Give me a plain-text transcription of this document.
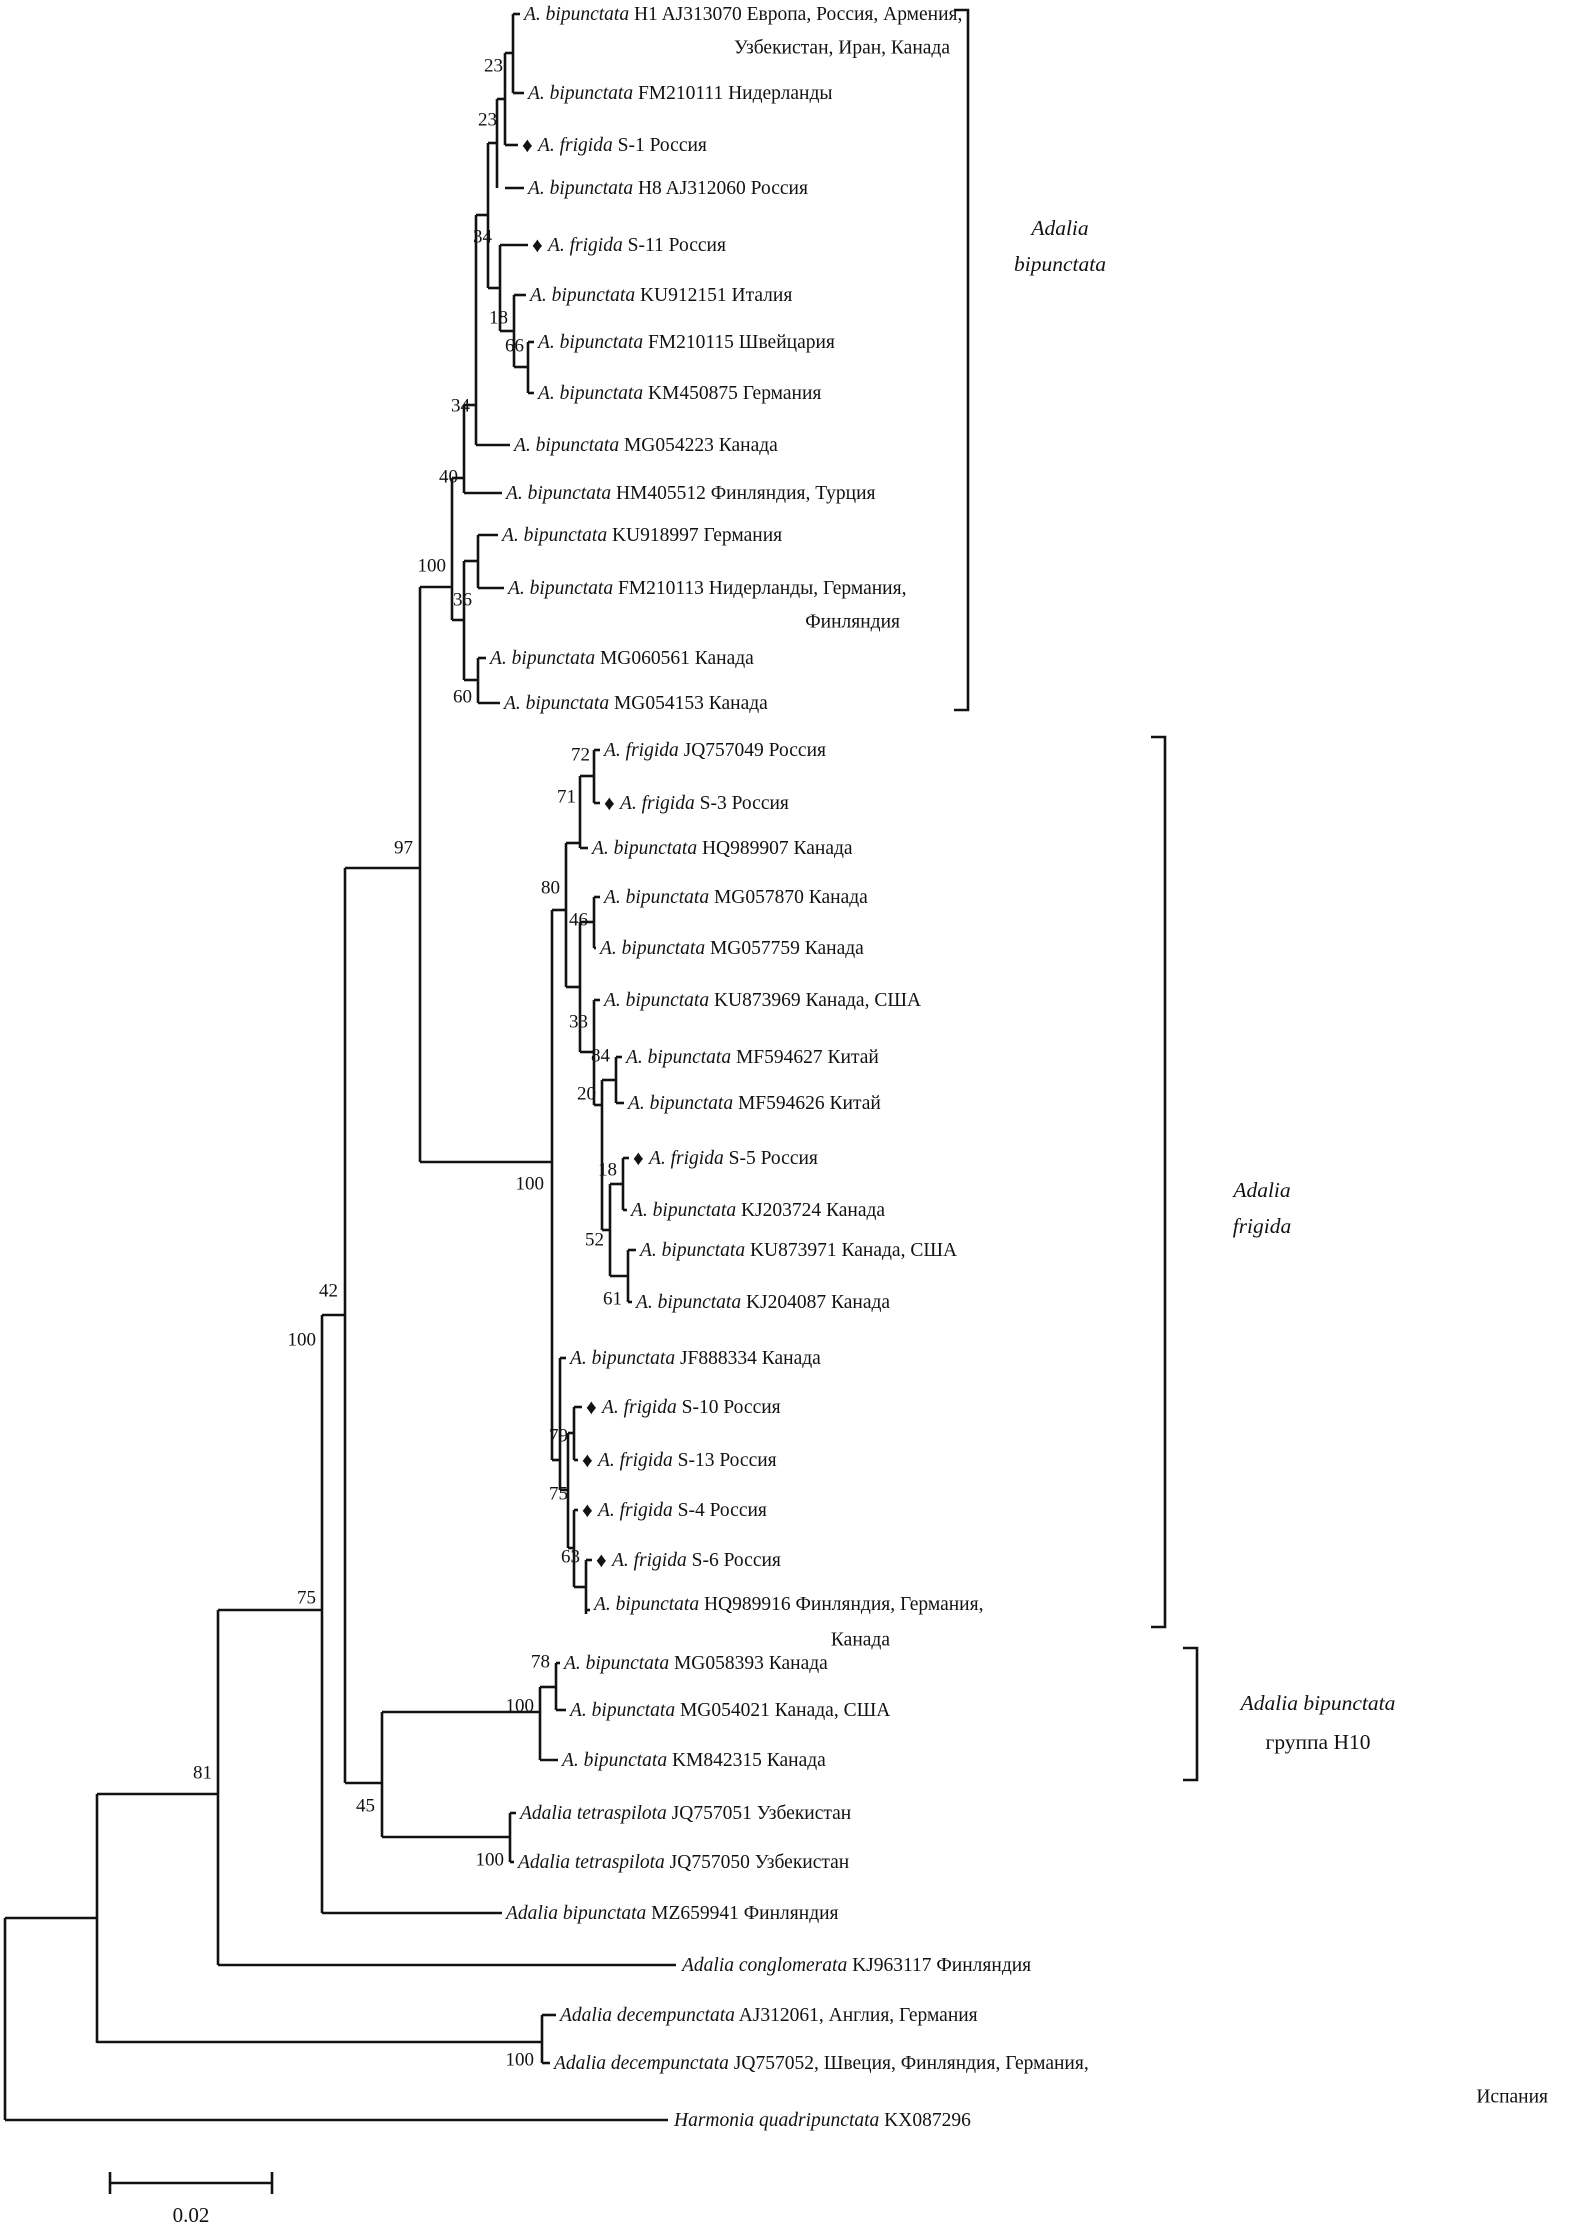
A. bipunctata H1 AJ313070 Европа, Россия, Армения,
Узбекистан, Иран, Канада
A. bipunctata FM210111 Нидерланды
♦ A. frigida S-1 Россия
A. bipunctata H8 AJ312060 Россия
♦ A. frigida S-11 Россия
A. bipunctata KU912151 Италия
A. bipunctata FM210115 Швейцария
A. bipunctata KM450875 Германия
A. bipunctata MG054223 Канада
A. bipunctata HM405512 Финляндия, Турция
A. bipunctata KU918997 Германия
A. bipunctata FM210113 Нидерланды, Германия,
Финляндия
A. bipunctata MG060561 Канада
A. bipunctata MG054153 Канада
A. frigida JQ757049 Россия
♦ A. frigida S-3 Россия
A. bipunctata HQ989907 Канада
A. bipunctata MG057870 Канада
A. bipunctata MG057759 Канада
A. bipunctata KU873969 Канада, США
A. bipunctata MF594627 Китай
A. bipunctata MF594626 Китай
♦ A. frigida S-5 Россия
A. bipunctata KJ203724 Канада
A. bipunctata KU873971 Канада, США
A. bipunctata KJ204087 Канада
A. bipunctata JF888334 Канада
♦ A. frigida S-10 Россия
♦ A. frigida S-13 Россия
♦ A. frigida S-4 Россия
♦ A. frigida S-6 Россия
A. bipunctata HQ989916 Финляндия, Германия,
Канада
A. bipunctata MG058393 Канада
A. bipunctata MG054021 Канада, США
A. bipunctata KM842315 Канада
Adalia tetraspilota JQ757051 Узбекистан
Adalia tetraspilota JQ757050 Узбекистан
Adalia bipunctata MZ659941 Финляндия
Adalia conglomerata KJ963117 Финляндия
Adalia decempunctata AJ312061, Англия, Германия
Adalia decempunctata JQ757052, Швеция, Финляндия, Германия,
Испания
Harmonia quadripunctata KX087296
23
23
34
18
66
34
40
100
36
60
97
72
71
80
46
33
84
20
100
18
52
61
42
100
79
75
63
75
78
100
45
100
81
100
Adalia
bipunctata
Adalia
frigida
Adalia bipunctata
группа H10
0.02
